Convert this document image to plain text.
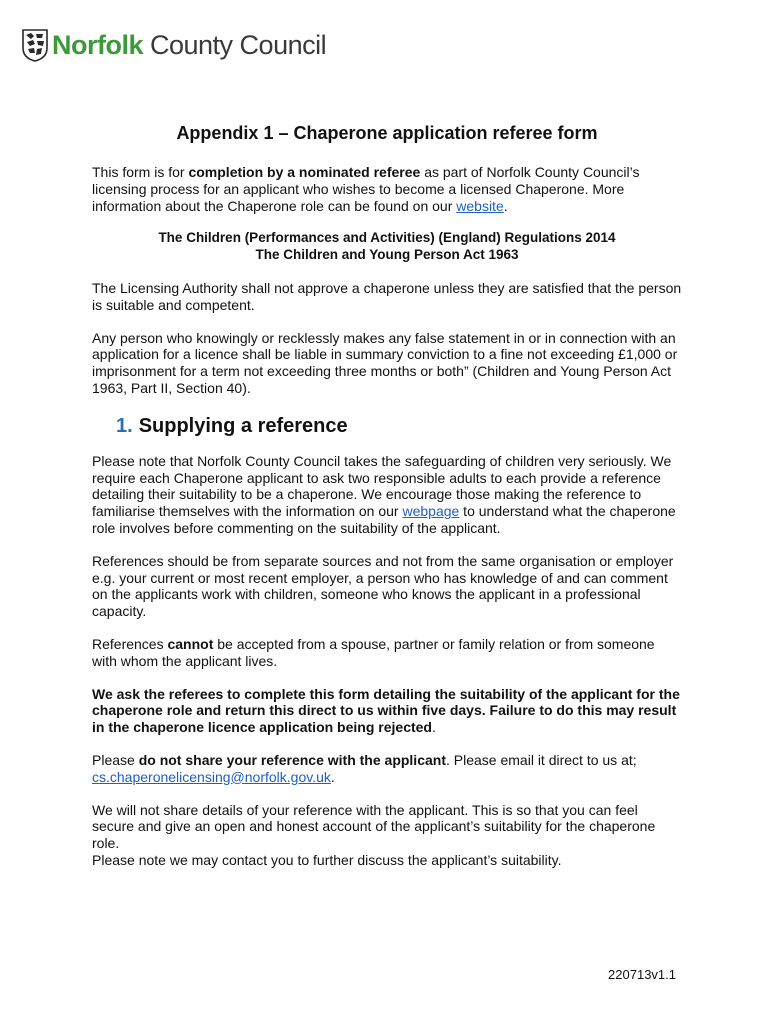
Norfolk County Council
Appendix 1 – Chaperone application referee form

This form is for completion by a nominated referee as part of Norfolk County Council’s licensing process for an applicant who wishes to become a licensed Chaperone. More information about the Chaperone role can be found on our website.

The Children (Performances and Activities) (England) Regulations 2014
The Children and Young Person Act 1963

The Licensing Authority shall not approve a chaperone unless they are satisfied that the person is suitable and competent.

Any person who knowingly or recklessly makes any false statement in or in connection with an application for a licence shall be liable in summary conviction to a fine not exceeding £1,000 or imprisonment for a term not exceeding three months or both” (Children and Young Person Act 1963, Part II, Section 40).

1. Supplying a reference

Please note that Norfolk County Council takes the safeguarding of children very seriously. We require each Chaperone applicant to ask two responsible adults to each provide a reference detailing their suitability to be a chaperone. We encourage those making the reference to familiarise themselves with the information on our webpage to understand what the chaperone role involves before commenting on the suitability of the applicant.

References should be from separate sources and not from the same organisation or employer e.g. your current or most recent employer, a person who has knowledge of and can comment on the applicants work with children, someone who knows the applicant in a professional capacity.

References cannot be accepted from a spouse, partner or family relation or from someone with whom the applicant lives.

We ask the referees to complete this form detailing the suitability of the applicant for the chaperone role and return this direct to us within five days. Failure to do this may result in the chaperone licence application being rejected.

Please do not share your reference with the applicant. Please email it direct to us at; cs.chaperonelicensing@norfolk.gov.uk.

We will not share details of your reference with the applicant. This is so that you can feel secure and give an open and honest account of the applicant’s suitability for the chaperone role.

Please note we may contact you to further discuss the applicant’s suitability.

220713v1.1
